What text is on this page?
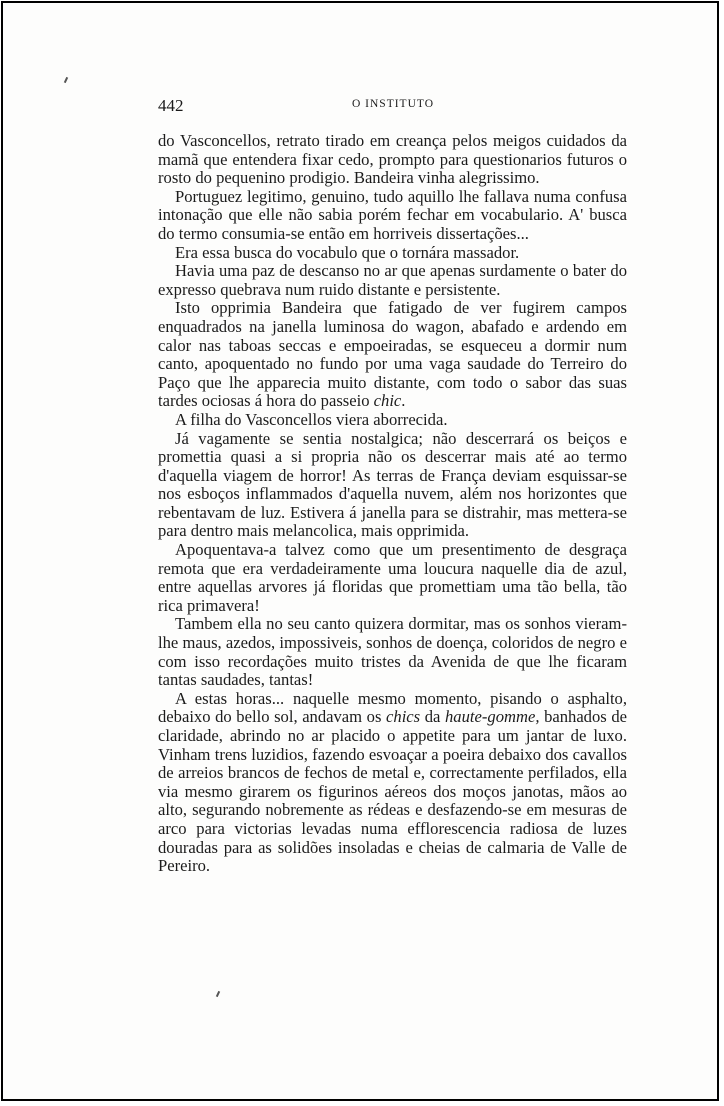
442	O INSTITUTO

do Vasconcellos, retrato tirado em creança pelos meigos cuidados da mamã que entendera fixar cedo, prompto para questionarios futuros o rosto do pequenino prodigio. Bandeira vinha alegrissimo.

Portuguez legitimo, genuino, tudo aquillo lhe fallava numa confusa intonação que elle não sabia porém fechar em vocabulario. A' busca do termo consumia-se então em horriveis dissertações...

Era essa busca do vocabulo que o tornára massador.

Havia uma paz de descanso no ar que apenas surdamente o bater do expresso quebrava num ruido distante e persistente.

Isto opprimia Bandeira que fatigado de ver fugirem campos enquadrados na janella luminosa do wagon, abafado e ardendo em calor nas taboas seccas e empoeiradas, se esqueceu a dormir num canto, apoquentado no fundo por uma vaga saudade do Terreiro do Paço que lhe apparecia muito distante, com todo o sabor das suas tardes ociosas á hora do passeio chic.

A filha do Vasconcellos viera aborrecida.

Já vagamente se sentia nostalgica; não descerrará os beiços e promettia quasi a si propria não os descerrar mais até ao termo d'aquella viagem de horror! As terras de França deviam esquissar-se nos esboços inflammados d'aquella nuvem, além nos horizontes que rebentavam de luz. Estivera á janella para se distrahir, mas mettera-se para dentro mais melancolica, mais opprimida.

Apoquentava-a talvez como que um presentimento de desgraça remota que era verdadeiramente uma loucura naquelle dia de azul, entre aquellas arvores já floridas que promettiam uma tão bella, tão rica primavera!

Tambem ella no seu canto quizera dormitar, mas os sonhos vieram-lhe maus, azedos, impossiveis, sonhos de doença, coloridos de negro e com isso recordações muito tristes da Avenida de que lhe ficaram tantas saudades, tantas!

A estas horas... naquelle mesmo momento, pisando o asphalto, debaixo do bello sol, andavam os chics da haute-gomme, banhados de claridade, abrindo no ar placido o appetite para um jantar de luxo. Vinham trens luzidios, fazendo esvoaçar a poeira debaixo dos cavallos de arreios brancos de fechos de metal e, correctamente perfilados, ella via mesmo girarem os figurinos aéreos dos moços janotas, mãos ao alto, segurando nobremente as rédeas e desfazendo-se em mesuras de arco para victorias levadas numa efflorescencia radiosa de luzes douradas para as solidões insoladas e cheias de calmaria de Valle de Pereiro.
